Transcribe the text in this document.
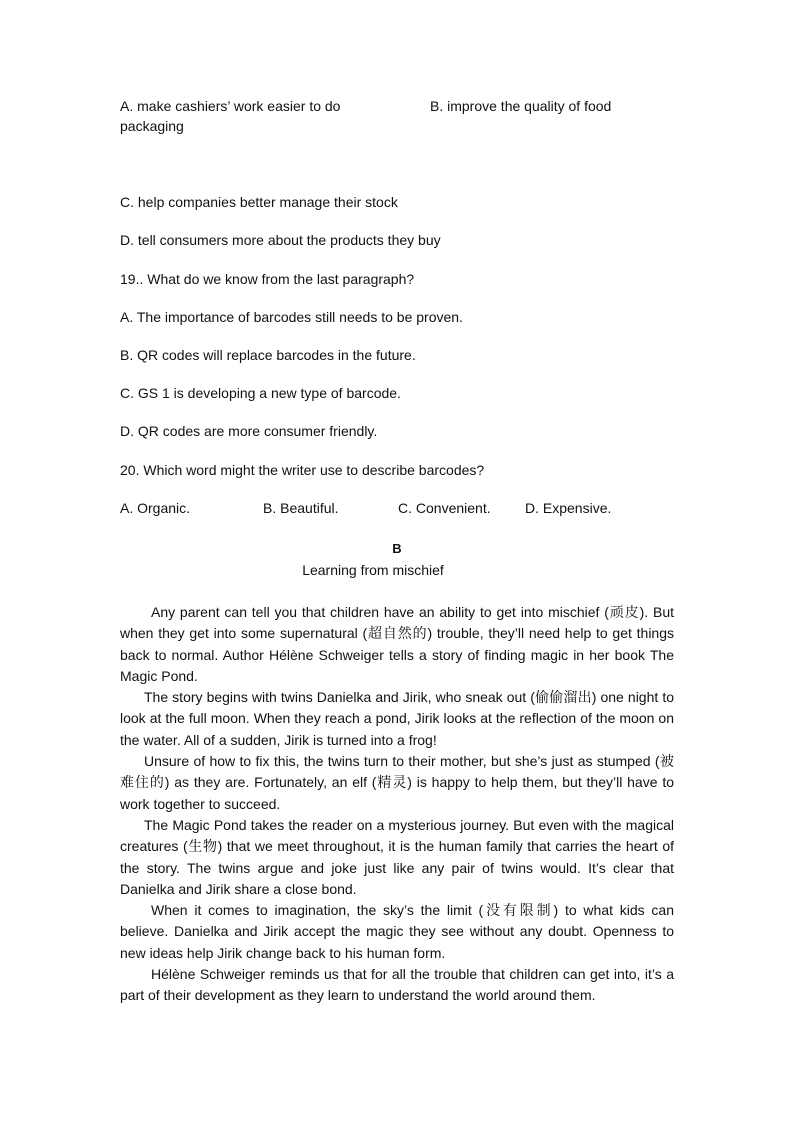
A. make cashiers’ work easier to do	B. improve the quality of food
packaging
C. help companies better manage their stock
D. tell consumers more about the products they buy
19.. What do we know from the last paragraph?
A. The importance of barcodes still needs to be proven.
B. QR codes will replace barcodes in the future.
C. GS 1 is developing a new type of barcode.
D. QR codes are more consumer friendly.
20. Which word might the writer use to describe barcodes?
A. Organic.	B. Beautiful.	C. Convenient. D. Expensive.
B
Learning from mischief

Any parent can tell you that children have an ability to get into mischief (顽皮). But when they get into some supernatural (超自然的) trouble, they’ll need help to get things back to normal. Author Hélène Schweiger tells a story of finding magic in her book The Magic Pond.

The story begins with twins Danielka and Jirik, who sneak out (偷偷溜出) one night to look at the full moon. When they reach a pond, Jirik looks at the reflection of the moon on the water. All of a sudden, Jirik is turned into a frog!

Unsure of how to fix this, the twins turn to their mother, but she’s just as stumped (被难住的) as they are. Fortunately, an elf (精灵) is happy to help them, but they’ll have to work together to succeed.

The Magic Pond takes the reader on a mysterious journey. But even with the magical creatures (生物) that we meet throughout, it is the human family that carries the heart of the story. The twins argue and joke just like any pair of twins would. It’s clear that Danielka and Jirik share a close bond.

When it comes to imagination, the sky’s the limit (没有限制) to what kids can believe. Danielka and Jirik accept the magic they see without any doubt. Openness to new ideas help Jirik change back to his human form.

Hélène Schweiger reminds us that for all the trouble that children can get into, it’s a part of their development as they learn to understand the world around them.
